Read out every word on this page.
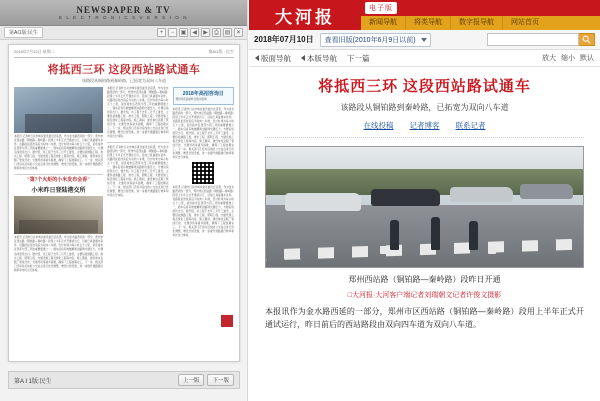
NEWSPAPER & TV
E L E C T R O N I C S V E R S I O N
第AI1版:民生	+	−	▣ ◀	▶	⎙ ▤ ✕
2018年7月10日 星期二	第AI1版 · 民生
将抵西三环 这段西站路试通车
该路段从铜铂路到秦岭路，已拓宽为双向八车道
本报讯 记者昨日从市城乡建设委员会获悉，作为金水路西延的一部分，郑州市区西站路（铜铂路—秦岭路）段用上半年正式开通试运行，目前已具备通车条件。该路段拓宽改造后为双向八车道，设计时速为每小时五十公里，是连接市区西部与西三环的重要通道之一，通车后将有效缓解周边路网交通压力，方便沿线居民出行。据介绍，该工程于去年三月开工建设，主要包括道路工程、排水工程、照明工程、交通设施工程及绿化工程等内容。施工期间，建设单位克服了管线迁改、交通导改等诸多困难，确保了工程按期完工。下一步，相关部门还将对沿线的公交站点进行优化调整，增设过街设施，进一步提升道路通行效率和市民出行体验。
"第7个火炬的小米发布会香"
小米昨日登陆港交所
本报讯 记者昨日从市城乡建设委员会获悉，作为金水路西延的一部分，郑州市区西站路（铜铂路—秦岭路）段用上半年正式开通试运行，目前已具备通车条件。该路段拓宽改造后为双向八车道，设计时速为每小时五十公里，是连接市区西部与西三环的重要通道之一，通车后将有效缓解周边路网交通压力，方便沿线居民出行。据介绍，该工程于去年三月开工建设，主要包括道路工程、排水工程、照明工程、交通设施工程及绿化工程等内容。施工期间，建设单位克服了管线迁改、交通导改等诸多困难，确保了工程按期完工。下一步，相关部门还将对沿线的公交站点进行优化调整，增设过街设施，进一步提升道路通行效率和市民出行体验。
本报讯 记者昨日从市城乡建设委员会获悉，作为金水路西延的一部分，郑州市区西站路（铜铂路—秦岭路）段用上半年正式开通试运行，目前已具备通车条件。该路段拓宽改造后为双向八车道，设计时速为每小时五十公里，是连接市区西部与西三环的重要通道之一，通车后将有效缓解周边路网交通压力，方便沿线居民出行。据介绍，该工程于去年三月开工建设，主要包括道路工程、排水工程、照明工程、交通设施工程及绿化工程等内容。施工期间，建设单位克服了管线迁改、交通导改等诸多困难，确保了工程按期完工。下一步，相关部门还将对沿线的公交站点进行优化调整，增设过街设施，进一步提升道路通行效率和市民出行体验。
本报讯 记者昨日从市城乡建设委员会获悉，作为金水路西延的一部分，郑州市区西站路（铜铂路—秦岭路）段用上半年正式开通试运行，目前已具备通车条件。该路段拓宽改造后为双向八车道，设计时速为每小时五十公里，是连接市区西部与西三环的重要通道之一，通车后将有效缓解周边路网交通压力，方便沿线居民出行。据介绍，该工程于去年三月开工建设，主要包括道路工程、排水工程、照明工程、交通设施工程及绿化工程等内容。施工期间，建设单位克服了管线迁改、交通导改等诸多困难，确保了工程按期完工。下一步，相关部门还将对沿线的公交站点进行优化调整，增设过街设施，进一步提升道路通行效率和市民出行体验。
2018年高招咨询日
郑州多所高校昨日集中咨询
本报讯 记者昨日从市城乡建设委员会获悉，作为金水路西延的一部分，郑州市区西站路（铜铂路—秦岭路）段用上半年正式开通试运行，目前已具备通车条件。该路段拓宽改造后为双向八车道，设计时速为每小时五十公里，是连接市区西部与西三环的重要通道之一，通车后将有效缓解周边路网交通压力，方便沿线居民出行。据介绍，该工程于去年三月开工建设，主要包括道路工程、排水工程、照明工程、交通设施工程及绿化工程等内容。施工期间，建设单位克服了管线迁改、交通导改等诸多困难，确保了工程按期完工。下一步，相关部门还将对沿线的公交站点进行优化调整，增设过街设施，进一步提升道路通行效率和市民出行体验。
本报讯 记者昨日从市城乡建设委员会获悉，作为金水路西延的一部分，郑州市区西站路（铜铂路—秦岭路）段用上半年正式开通试运行，目前已具备通车条件。该路段拓宽改造后为双向八车道，设计时速为每小时五十公里，是连接市区西部与西三环的重要通道之一，通车后将有效缓解周边路网交通压力，方便沿线居民出行。据介绍，该工程于去年三月开工建设，主要包括道路工程、排水工程、照明工程、交通设施工程及绿化工程等内容。施工期间，建设单位克服了管线迁改、交通导改等诸多困难，确保了工程按期完工。下一步，相关部门还将对沿线的公交站点进行优化调整，增设过街设施，进一步提升道路通行效率和市民出行体验。
第A I 1版:民生	上一版	下一版
大河报	电子版
新闻导航	将类导航	数字报导航	网站首页
2018年07月10日	查看旧版(2010年6月9日以前)
版面导航 本版导航 下一篇	放大 缩小 默认
将抵西三环 这段西站路试通车
该路段从铜铂路到秦岭路，已拓宽为双向八车道
在线投稿 记者博客 联系记者
郑州西站路（铜铂路—秦岭路）段昨日开通
□大河报·大河客户端记者刘瑞朝文记者许俊文摄影
本报讯作为金水路西延的一部分，郑州市区西站路（铜铂路—秦岭路）段用上半年正式开通试运行，昨日前后的西站路段由双向四车道为双向八车道。
